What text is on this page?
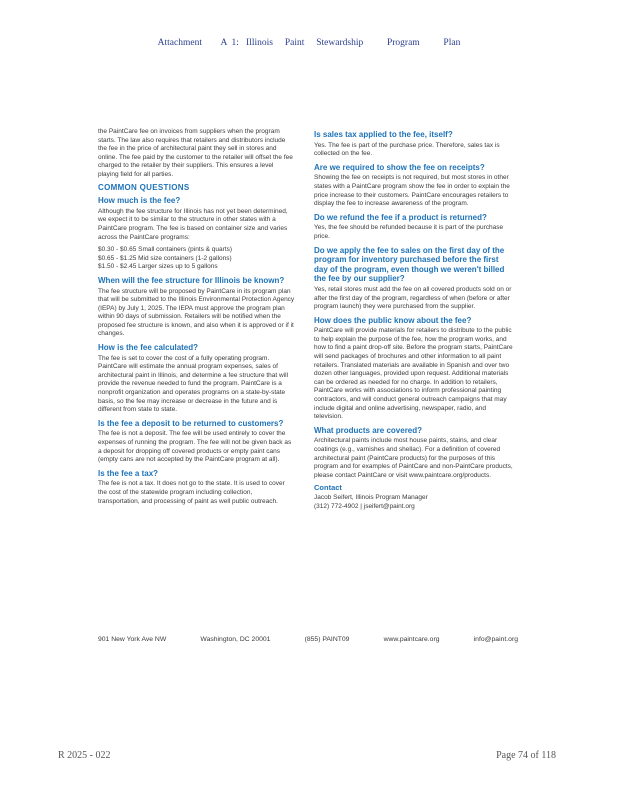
Attachment        A  1:   Illinois     Paint     Stewardship          Program          Plan

the PaintCare fee on invoices from suppliers when the program starts. The law also requires that retailers and distributors include the fee in the price of architectural paint they sell in stores and online. The fee paid by the customer to the retailer will offset the fee charged to the retailer by their suppliers. This ensures a level playing field for all parties.

COMMON QUESTIONS
How much is the fee?

Although the fee structure for Illinois has not yet been determined, we expect it to be similar to the structure in other states with a PaintCare program. The fee is based on container size and varies across the PaintCare programs:

$0.30 - $0.65 Small containers (pints & quarts)

$0.65 - $1.25 Mid size containers (1-2 gallons)

$1.50 - $2.45 Larger sizes up to 5 gallons

When will the fee structure for Illinois be known?

The fee structure will be proposed by PaintCare in its program plan that will be submitted to the Illinois Environmental Protection Agency (IEPA) by July 1, 2025. The IEPA must approve the program plan within 90 days of submission. Retailers will be notified when the proposed fee structure is known, and also when it is approved or if it changes.

How is the fee calculated?

The fee is set to cover the cost of a fully operating program. PaintCare will estimate the annual program expenses, sales of architectural paint in Illinois, and determine a fee structure that will provide the revenue needed to fund the program. PaintCare is a nonprofit organization and operates programs on a state-by-state basis, so the fee may increase or decrease in the future and is different from state to state.

Is the fee a deposit to be returned to customers?

The fee is not a deposit. The fee will be used entirely to cover the expenses of running the program. The fee will not be given back as a deposit for dropping off covered products or empty paint cans (empty cans are not accepted by the PaintCare program at all).

Is the fee a tax?

The fee is not a tax. It does not go to the state. It is used to cover the cost of the statewide program including collection, transportation, and processing of paint as well public outreach.

Is sales tax applied to the fee, itself?

Yes. The fee is part of the purchase price. Therefore, sales tax is collected on the fee.

Are we required to show the fee on receipts?

Showing the fee on receipts is not required, but most stores in other states with a PaintCare program show the fee in order to explain the price increase to their customers. PaintCare encourages retailers to display the fee to increase awareness of the program.

Do we refund the fee if a product is returned?

Yes, the fee should be refunded because it is part of the purchase price.

Do we apply the fee to sales on the first day of the program for inventory purchased before the first day of the program, even though we weren't billed the fee by our supplier?

Yes, retail stores must add the fee on all covered products sold on or after the first day of the program, regardless of when (before or after program launch) they were purchased from the supplier.

How does the public know about the fee?

PaintCare will provide materials for retailers to distribute to the public to help explain the purpose of the fee, how the program works, and how to find a paint drop-off site. Before the program starts, PaintCare will send packages of brochures and other information to all paint retailers. Translated materials are available in Spanish and over two dozen other languages, provided upon request. Additional materials can be ordered as needed for no charge. In addition to retailers, PaintCare works with associations to inform professional painting contractors, and will conduct general outreach campaigns that may include digital and online advertising, newspaper, radio, and television.

What products are covered?

Architectural paints include most house paints, stains, and clear coatings (e.g., varnishes and shellac). For a definition of covered architectural paint (PaintCare products) for the purposes of this program and for examples of PaintCare and non-PaintCare products, please contact PaintCare or visit www.paintcare.org/products.

Contact
Jacob Seifert, Illinois Program Manager
(312) 772-4902 | jseifert@paint.org
901 New York Ave NW	Washington, DC 20001	(855) PAINT09	www.paintcare.org	info@paint.org
R 2025 - 022	Page 74 of 118
